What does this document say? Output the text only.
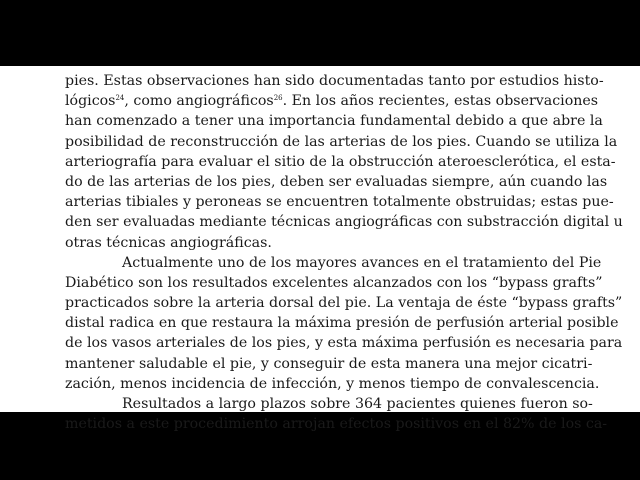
pies. Estas observaciones han sido documentadas tanto por estudios histo-
lógicos$^{24}$, como angiográficos$^{26}$. En los años recientes, estas observaciones
han comenzado a tener una importancia fundamental debido a que abre la
posibilidad de reconstrucción de las arterias de los pies. Cuando se utiliza la
arteriografía para evaluar el sitio de la obstrucción ateroesclerótica, el esta-
do de las arterias de los pies, deben ser evaluadas siempre, aún cuando las
arterias tibiales y peroneas se encuentren totalmente obstruidas; estas pue-
den ser evaluadas mediante técnicas angiográficas con substracción digital u
otras técnicas angiográficas.
Actualmente uno de los mayores avances en el tratamiento del Pie
Diabético son los resultados excelentes alcanzados con los “bypass grafts”
practicados sobre la arteria dorsal del pie. La ventaja de éste “bypass grafts”
distal radica en que restaura la máxima presión de perfusión arterial posible
de los vasos arteriales de los pies, y esta máxima perfusión es necesaria para
mantener saludable el pie, y conseguir de esta manera una mejor cicatri-
zación, menos incidencia de infección, y menos tiempo de convalescencia.
Resultados a largo plazos sobre 364 pacientes quienes fueron so-
metidos a este procedimiento arrojan efectos positivos en el 82% de los ca-
